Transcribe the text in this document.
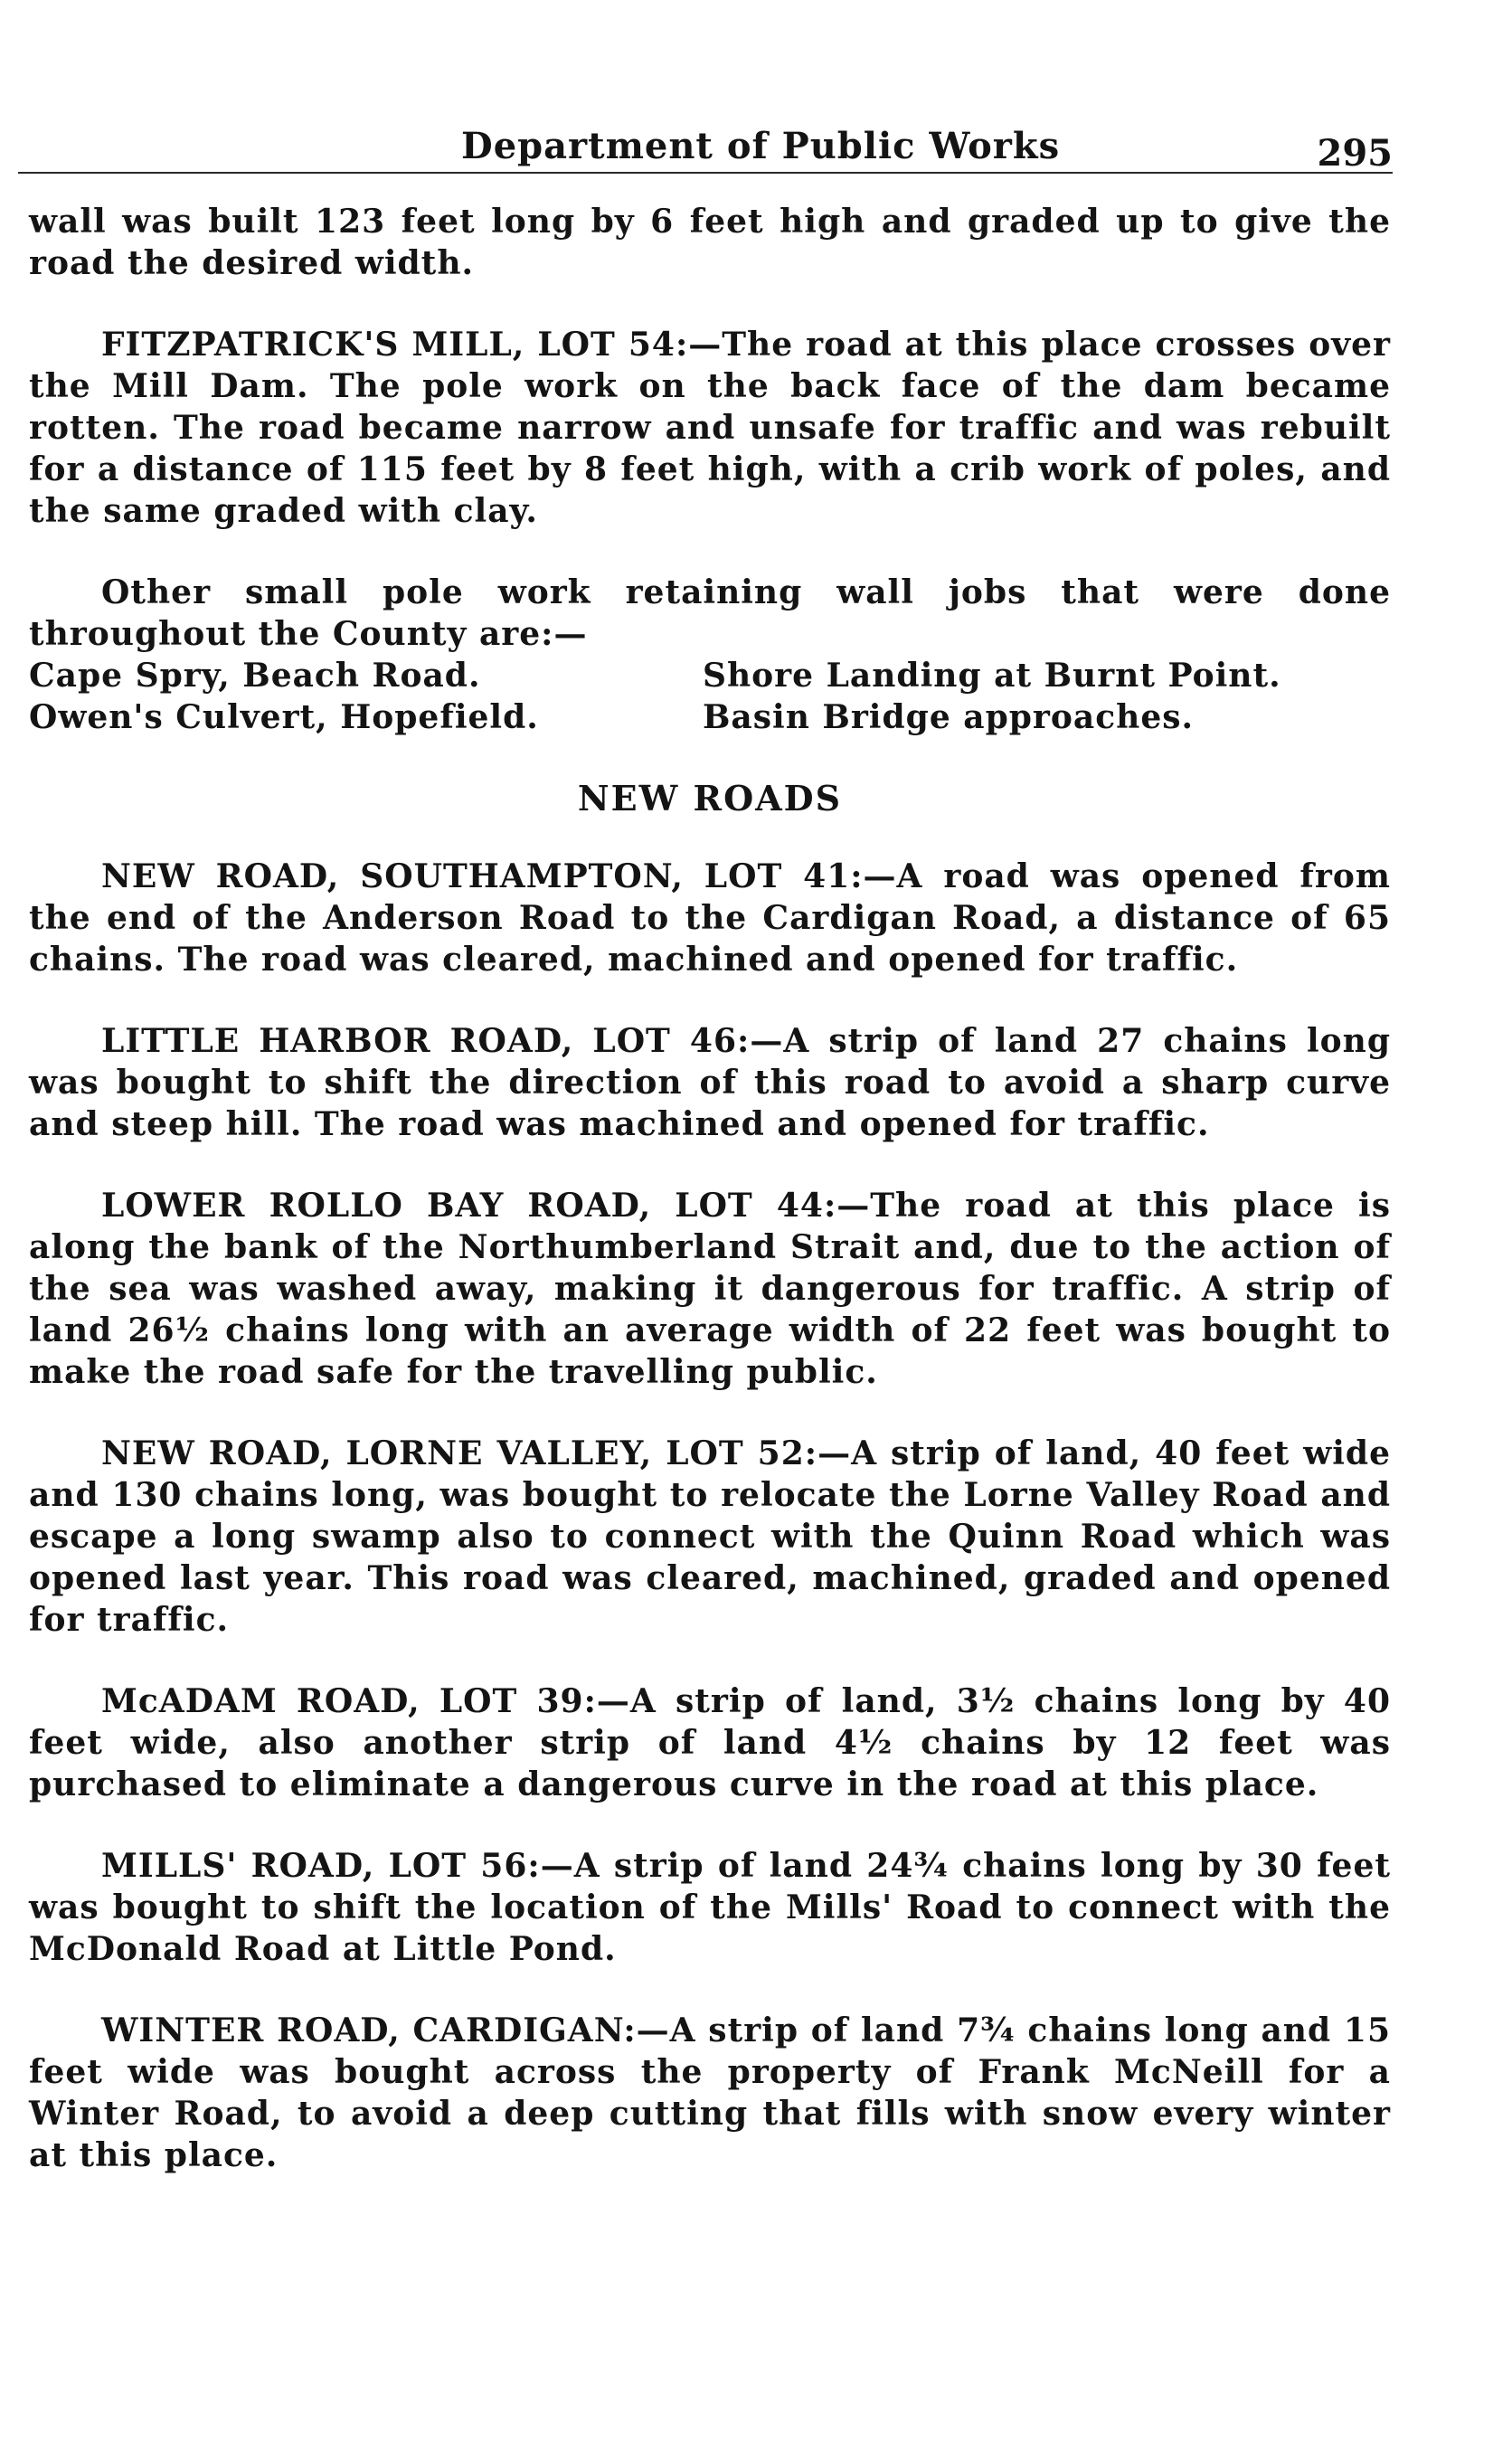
Department of Public Works	295

wall was built 123 feet long by 6 feet high and graded up to give the road the desired width.

FITZPATRICK'S MILL, LOT 54:—The road at this place crosses over the Mill Dam. The pole work on the back face of the dam became rotten. The road became narrow and unsafe for traffic and was rebuilt for a distance of 115 feet by 8 feet high, with a crib work of poles, and the same graded with clay.

Other small pole work retaining wall jobs that were done throughout the County are:—

Cape Spry, Beach Road.	Shore Landing at Burnt Point.
Owen's Culvert, Hopefield.	Basin Bridge approaches.
NEW ROADS

NEW ROAD, SOUTHAMPTON, LOT 41:—A road was opened from the end of the Anderson Road to the Cardigan Road, a distance of 65 chains. The road was cleared, machined and opened for traffic.

LITTLE HARBOR ROAD, LOT 46:—A strip of land 27 chains long was bought to shift the direction of this road to avoid a sharp curve and steep hill. The road was machined and opened for traffic.

LOWER ROLLO BAY ROAD, LOT 44:—The road at this place is along the bank of the Northumberland Strait and, due to the action of the sea was washed away, making it dangerous for traffic. A strip of land 26½ chains long with an average width of 22 feet was bought to make the road safe for the travelling public.

NEW ROAD, LORNE VALLEY, LOT 52:—A strip of land, 40 feet wide and 130 chains long, was bought to relocate the Lorne Valley Road and escape a long swamp also to connect with the Quinn Road which was opened last year. This road was cleared, machined, graded and opened for traffic.

McADAM ROAD, LOT 39:—A strip of land, 3½ chains long by 40 feet wide, also another strip of land 4½ chains by 12 feet was purchased to eliminate a dangerous curve in the road at this place.

MILLS' ROAD, LOT 56:—A strip of land 24¾ chains long by 30 feet was bought to shift the location of the Mills' Road to connect with the McDonald Road at Little Pond.

WINTER ROAD, CARDIGAN:—A strip of land 7¾ chains long and 15 feet wide was bought across the property of Frank McNeill for a Winter Road, to avoid a deep cutting that fills with snow every winter at this place.
